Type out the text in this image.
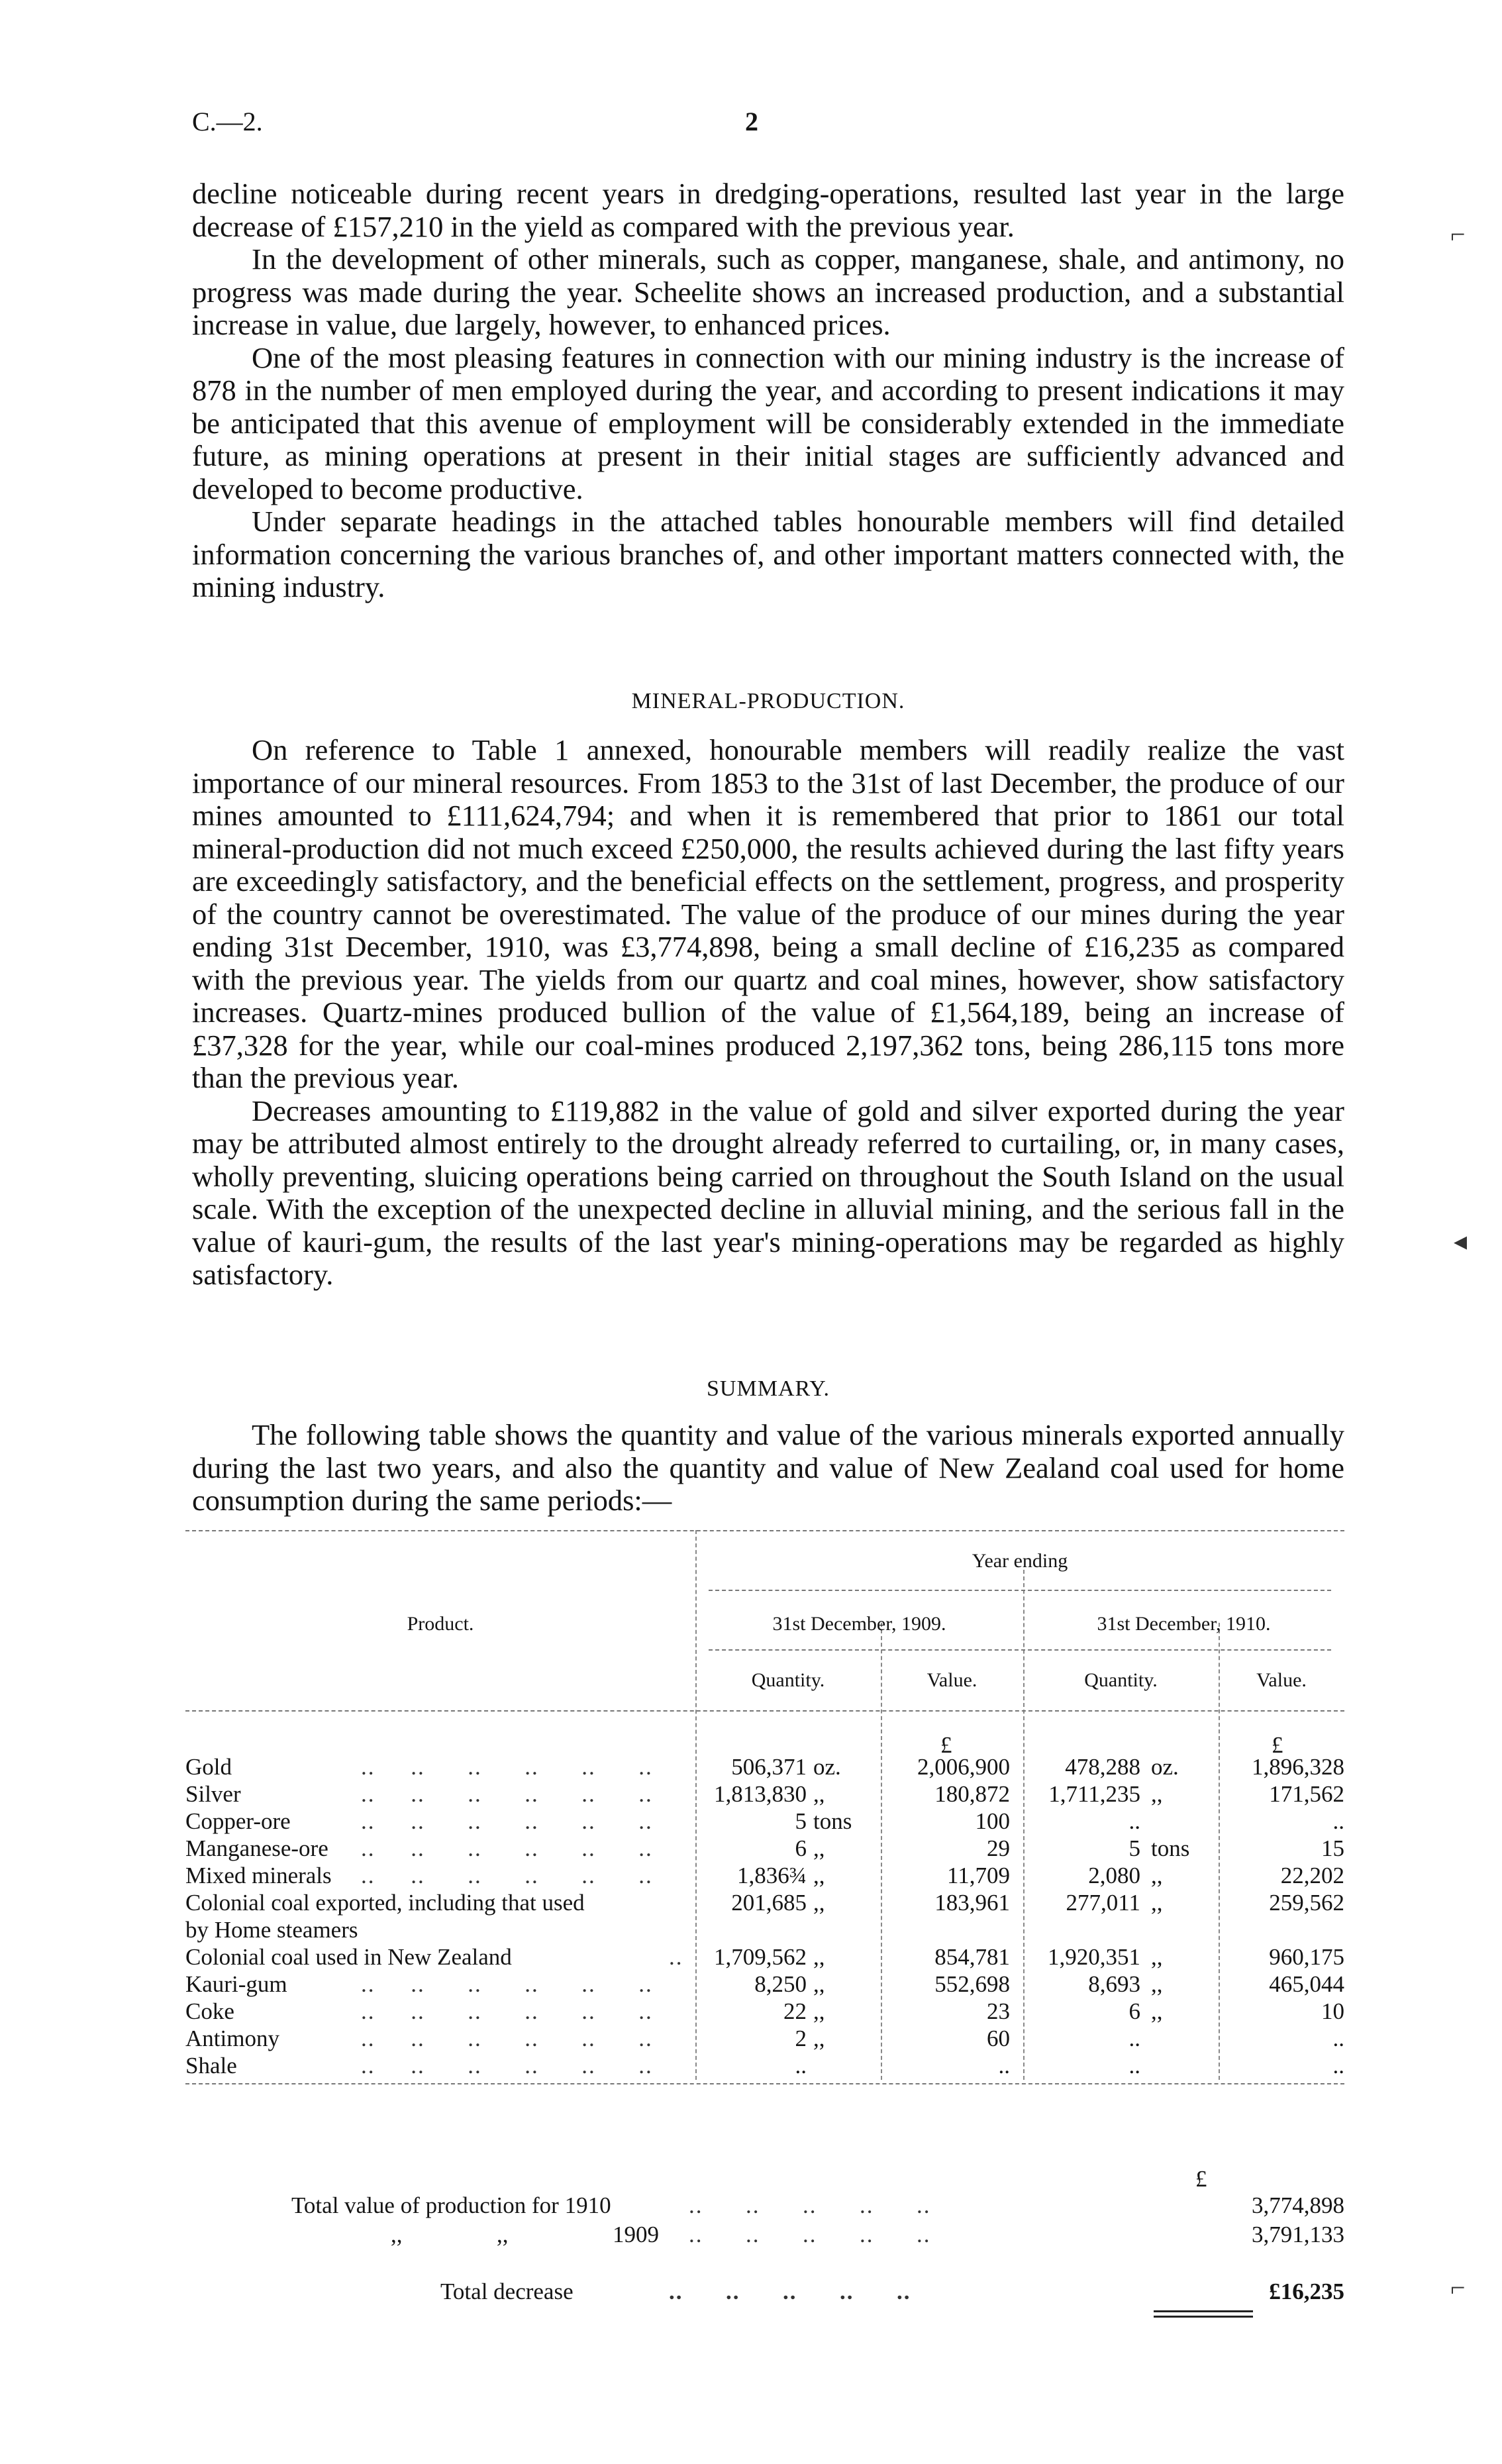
C.—2.	2

decline noticeable during recent years in dredging-operations, resulted last year in the large decrease of £157,210 in the yield as compared with the previous year.

In the development of other minerals, such as copper, manganese, shale, and antimony, no progress was made during the year. Scheelite shows an increased production, and a substantial increase in value, due largely, however, to enhanced prices.

One of the most pleasing features in connection with our mining industry is the increase of 878 in the number of men employed during the year, and according to present indications it may be anticipated that this avenue of employment will be considerably extended in the immediate future, as mining operations at present in their initial stages are sufficiently advanced and developed to become productive.

Under separate headings in the attached tables honourable members will find detailed information concerning the various branches of, and other important matters connected with, the mining industry.

MINERAL-PRODUCTION.

On reference to Table 1 annexed, honourable members will readily realize the vast importance of our mineral resources. From 1853 to the 31st of last December, the produce of our mines amounted to £111,624,794; and when it is remembered that prior to 1861 our total mineral-production did not much exceed £250,000, the results achieved during the last fifty years are exceedingly satisfactory, and the beneficial effects on the settlement, progress, and prosperity of the country cannot be overestimated. The value of the produce of our mines during the year ending 31st December, 1910, was £3,774,898, being a small decline of £16,235 as compared with the previous year. The yields from our quartz and coal mines, however, show satisfactory increases. Quartz-mines produced bullion of the value of £1,564,189, being an increase of £37,328 for the year, while our coal-mines produced 2,197,362 tons, being 286,115 tons more than the previous year.

Decreases amounting to £119,882 in the value of gold and silver exported during the year may be attributed almost entirely to the drought already referred to curtailing, or, in many cases, wholly preventing, sluicing operations being carried on throughout the South Island on the usual scale. With the exception of the unexpected decline in alluvial mining, and the serious fall in the value of kauri-gum, the results of the last year's mining-operations may be regarded as highly satisfactory.

SUMMARY.

The following table shows the quantity and value of the various minerals exported annually during the last two years, and also the quantity and value of New Zealand coal used for home consumption during the same periods:—

Year ending
Product.	31st December, 1909.	31st December, 1910.
Quantity.	Value.	Quantity.	Value.
£	£
Gold	..     ..      ..      ..      ..      ..	506,371 oz.	2,006,900	478,288 oz.	1,896,328
Silver	..     ..      ..      ..      ..      ..	1,813,830 ,,	180,872	1,711,235 ,,	171,562
Copper-ore	..     ..      ..      ..      ..      ..	5 tons	100	..	..
Manganese-ore ..     ..      ..      ..      ..      ..	6 ,,	29	5 tons	15
Mixed minerals ..     ..      ..      ..      ..      ..	1,836¾ ,,	11,709	2,080 ,,	22,202
Colonial coal exported, including that used	201,685 ,,	183,961	277,011 ,,	259,562
by Home steamers
Colonial coal used in New Zealand	..	1,709,562 ,,	854,781	1,920,351 ,,	960,175
Kauri-gum	..     ..      ..      ..      ..      ..	8,250 ,,	552,698	8,693 ,,	465,044
Coke	..     ..      ..      ..      ..      ..	22 ,,	23	6 ,,	10
Antimony	..     ..      ..      ..      ..      ..	2 ,,	60	..	..
Shale	..     ..      ..      ..      ..      ..	..	..	..	..
£
Total value of production for 1910	..      ..      ..      ..      ..	3,774,898
,,	,,	1909 ..      ..      ..      ..      ..	3,791,133
Total decrease	..      ..      ..      ..      ..	£16,235
⌐
◂
⌐
